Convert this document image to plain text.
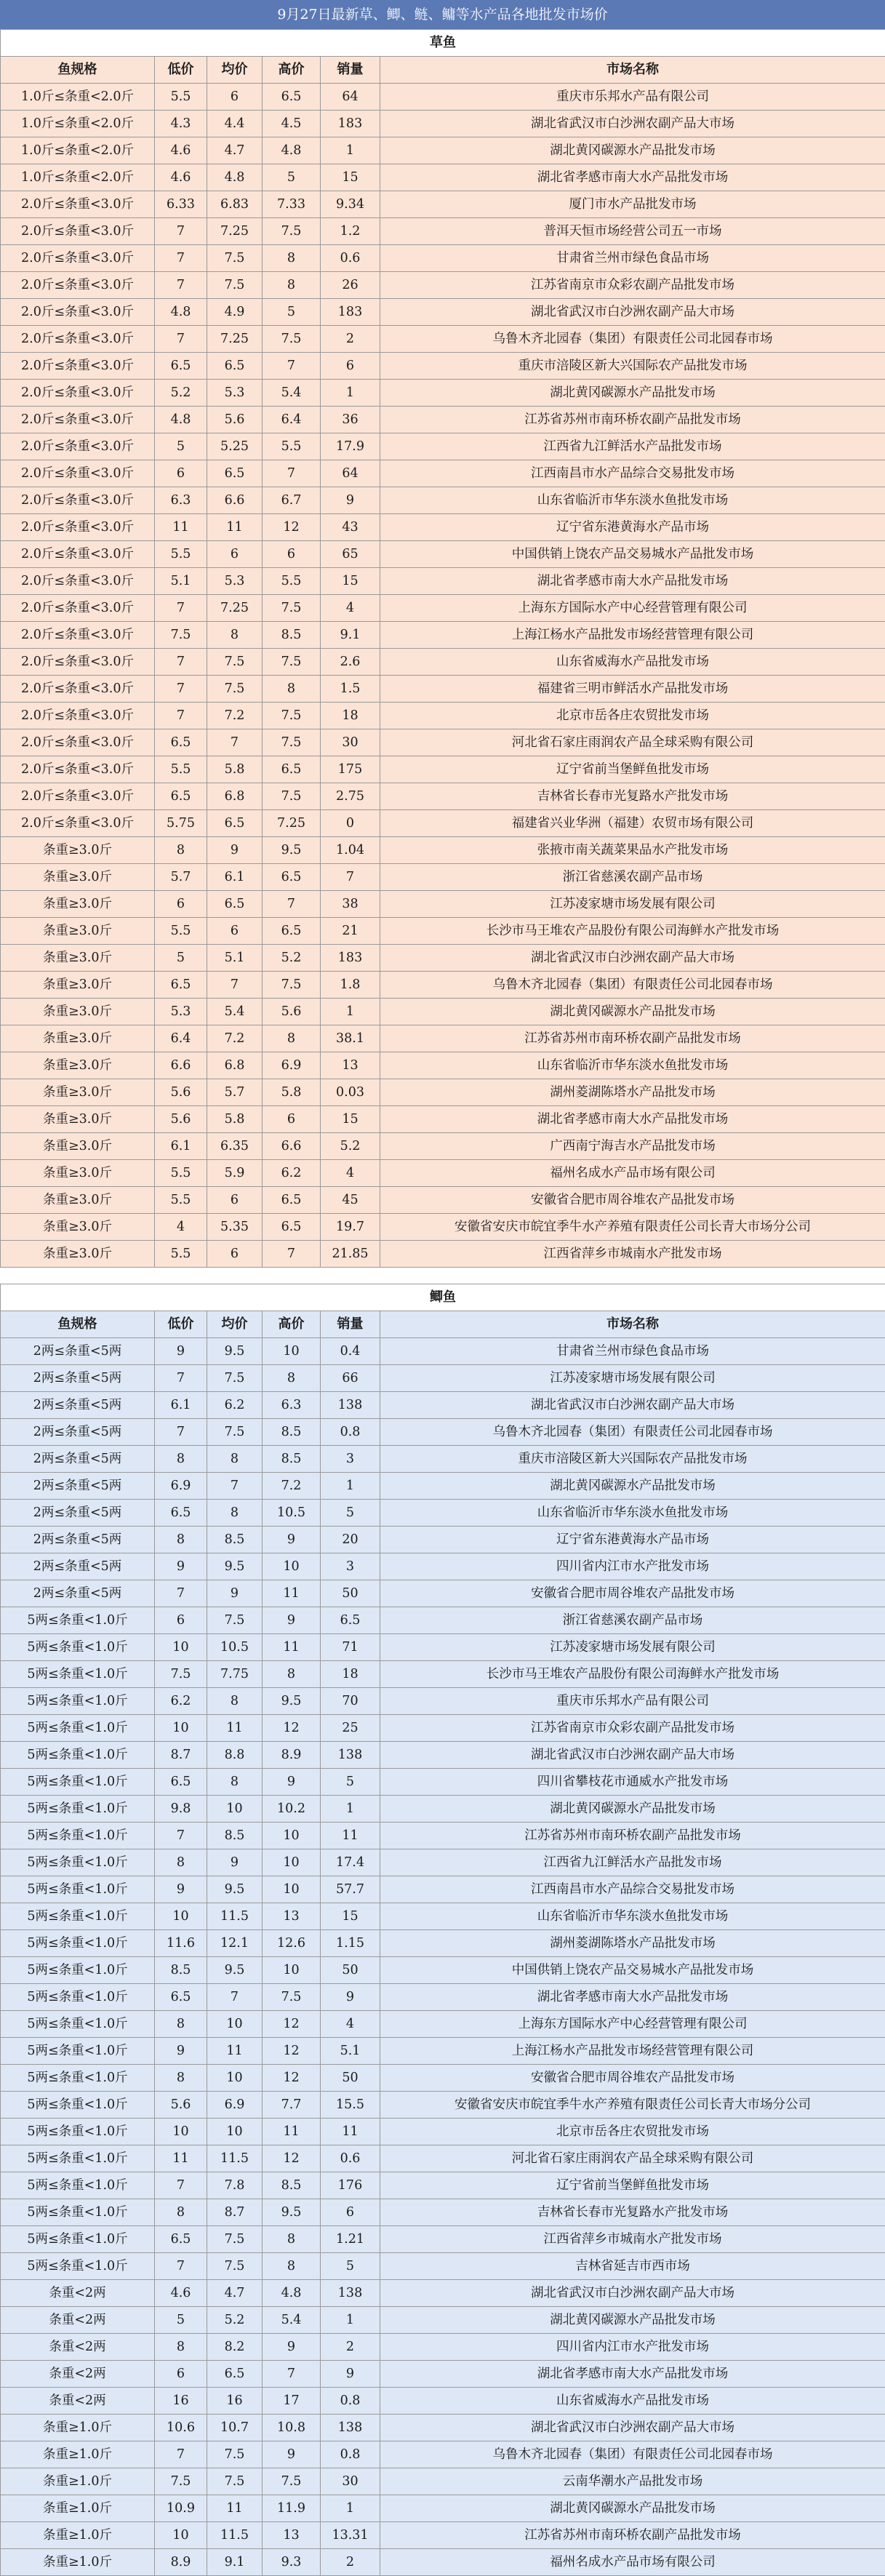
9月27日最新草、鲫、鲢、鳙等水产品各地批发市场价
草鱼					
鱼规格	低价	均价	高价	销量	市场名称
1.0斤≤条重<2.0斤	5.5	6	6.5	64	重庆市乐邦水产品有限公司
1.0斤≤条重<2.0斤	4.3	4.4	4.5	183	湖北省武汉市白沙洲农副产品大市场
1.0斤≤条重<2.0斤	4.6	4.7	4.8	1	湖北黄冈碳源水产品批发市场
1.0斤≤条重<2.0斤	4.6	4.8	5	15	湖北省孝感市南大水产品批发市场
2.0斤≤条重<3.0斤	6.33	6.83	7.33	9.34	厦门市水产品批发市场
2.0斤≤条重<3.0斤	7	7.25	7.5	1.2	普洱天恒市场经营公司五一市场
2.0斤≤条重<3.0斤	7	7.5	8	0.6	甘肃省兰州市绿色食品市场
2.0斤≤条重<3.0斤	7	7.5	8	26	江苏省南京市众彩农副产品批发市场
2.0斤≤条重<3.0斤	4.8	4.9	5	183	湖北省武汉市白沙洲农副产品大市场
2.0斤≤条重<3.0斤	7	7.25	7.5	2	乌鲁木齐北园春（集团）有限责任公司北园春市场
2.0斤≤条重<3.0斤	6.5	6.5	7	6	重庆市涪陵区新大兴国际农产品批发市场
2.0斤≤条重<3.0斤	5.2	5.3	5.4	1	湖北黄冈碳源水产品批发市场
2.0斤≤条重<3.0斤	4.8	5.6	6.4	36	江苏省苏州市南环桥农副产品批发市场
2.0斤≤条重<3.0斤	5	5.25	5.5	17.9	江西省九江鲜活水产品批发市场
2.0斤≤条重<3.0斤	6	6.5	7	64	江西南昌市水产品综合交易批发市场
2.0斤≤条重<3.0斤	6.3	6.6	6.7	9	山东省临沂市华东淡水鱼批发市场
2.0斤≤条重<3.0斤	11	11	12	43	辽宁省东港黄海水产品市场
2.0斤≤条重<3.0斤	5.5	6	6	65	中国供销上饶农产品交易城水产品批发市场
2.0斤≤条重<3.0斤	5.1	5.3	5.5	15	湖北省孝感市南大水产品批发市场
2.0斤≤条重<3.0斤	7	7.25	7.5	4	上海东方国际水产中心经营管理有限公司
2.0斤≤条重<3.0斤	7.5	8	8.5	9.1	上海江杨水产品批发市场经营管理有限公司
2.0斤≤条重<3.0斤	7	7.5	7.5	2.6	山东省威海水产品批发市场
2.0斤≤条重<3.0斤	7	7.5	8	1.5	福建省三明市鲜活水产品批发市场
2.0斤≤条重<3.0斤	7	7.2	7.5	18	北京市岳各庄农贸批发市场
2.0斤≤条重<3.0斤	6.5	7	7.5	30	河北省石家庄雨润农产品全球采购有限公司
2.0斤≤条重<3.0斤	5.5	5.8	6.5	175	辽宁省前当堡鲜鱼批发市场
2.0斤≤条重<3.0斤	6.5	6.8	7.5	2.75	吉林省长春市光复路水产批发市场
2.0斤≤条重<3.0斤	5.75	6.5	7.25	0	福建省兴业华洲（福建）农贸市场有限公司
条重≥3.0斤	8	9	9.5	1.04	张掖市南关蔬菜果品水产批发市场
条重≥3.0斤	5.7	6.1	6.5	7	浙江省慈溪农副产品市场
条重≥3.0斤	6	6.5	7	38	江苏凌家塘市场发展有限公司
条重≥3.0斤	5.5	6	6.5	21	长沙市马王堆农产品股份有限公司海鲜水产批发市场
条重≥3.0斤	5	5.1	5.2	183	湖北省武汉市白沙洲农副产品大市场
条重≥3.0斤	6.5	7	7.5	1.8	乌鲁木齐北园春（集团）有限责任公司北园春市场
条重≥3.0斤	5.3	5.4	5.6	1	湖北黄冈碳源水产品批发市场
条重≥3.0斤	6.4	7.2	8	38.1	江苏省苏州市南环桥农副产品批发市场
条重≥3.0斤	6.6	6.8	6.9	13	山东省临沂市华东淡水鱼批发市场
条重≥3.0斤	5.6	5.7	5.8	0.03	湖州菱湖陈塔水产品批发市场
条重≥3.0斤	5.6	5.8	6	15	湖北省孝感市南大水产品批发市场
条重≥3.0斤	6.1	6.35	6.6	5.2	广西南宁海吉水产品批发市场
条重≥3.0斤	5.5	5.9	6.2	4	福州名成水产品市场有限公司
条重≥3.0斤	5.5	6	6.5	45	安徽省合肥市周谷堆农产品批发市场
条重≥3.0斤	4	5.35	6.5	19.7	安徽省安庆市皖宜季牛水产养殖有限责任公司长青大市场分公司
条重≥3.0斤	5.5	6	7	21.85	江西省萍乡市城南水产批发市场
鲫鱼					
鱼规格	低价	均价	高价	销量	市场名称
2两≤条重<5两	9	9.5	10	0.4	甘肃省兰州市绿色食品市场
2两≤条重<5两	7	7.5	8	66	江苏凌家塘市场发展有限公司
2两≤条重<5两	6.1	6.2	6.3	138	湖北省武汉市白沙洲农副产品大市场
2两≤条重<5两	7	7.5	8.5	0.8	乌鲁木齐北园春（集团）有限责任公司北园春市场
2两≤条重<5两	8	8	8.5	3	重庆市涪陵区新大兴国际农产品批发市场
2两≤条重<5两	6.9	7	7.2	1	湖北黄冈碳源水产品批发市场
2两≤条重<5两	6.5	8	10.5	5	山东省临沂市华东淡水鱼批发市场
2两≤条重<5两	8	8.5	9	20	辽宁省东港黄海水产品市场
2两≤条重<5两	9	9.5	10	3	四川省内江市水产批发市场
2两≤条重<5两	7	9	11	50	安徽省合肥市周谷堆农产品批发市场
5两≤条重<1.0斤	6	7.5	9	6.5	浙江省慈溪农副产品市场
5两≤条重<1.0斤	10	10.5	11	71	江苏凌家塘市场发展有限公司
5两≤条重<1.0斤	7.5	7.75	8	18	长沙市马王堆农产品股份有限公司海鲜水产批发市场
5两≤条重<1.0斤	6.2	8	9.5	70	重庆市乐邦水产品有限公司
5两≤条重<1.0斤	10	11	12	25	江苏省南京市众彩农副产品批发市场
5两≤条重<1.0斤	8.7	8.8	8.9	138	湖北省武汉市白沙洲农副产品大市场
5两≤条重<1.0斤	6.5	8	9	5	四川省攀枝花市通威水产批发市场
5两≤条重<1.0斤	9.8	10	10.2	1	湖北黄冈碳源水产品批发市场
5两≤条重<1.0斤	7	8.5	10	11	江苏省苏州市南环桥农副产品批发市场
5两≤条重<1.0斤	8	9	10	17.4	江西省九江鲜活水产品批发市场
5两≤条重<1.0斤	9	9.5	10	57.7	江西南昌市水产品综合交易批发市场
5两≤条重<1.0斤	10	11.5	13	15	山东省临沂市华东淡水鱼批发市场
5两≤条重<1.0斤	11.6	12.1	12.6	1.15	湖州菱湖陈塔水产品批发市场
5两≤条重<1.0斤	8.5	9.5	10	50	中国供销上饶农产品交易城水产品批发市场
5两≤条重<1.0斤	6.5	7	7.5	9	湖北省孝感市南大水产品批发市场
5两≤条重<1.0斤	8	10	12	4	上海东方国际水产中心经营管理有限公司
5两≤条重<1.0斤	9	11	12	5.1	上海江杨水产品批发市场经营管理有限公司
5两≤条重<1.0斤	8	10	12	50	安徽省合肥市周谷堆农产品批发市场
5两≤条重<1.0斤	5.6	6.9	7.7	15.5	安徽省安庆市皖宜季牛水产养殖有限责任公司长青大市场分公司
5两≤条重<1.0斤	10	10	11	11	北京市岳各庄农贸批发市场
5两≤条重<1.0斤	11	11.5	12	0.6	河北省石家庄雨润农产品全球采购有限公司
5两≤条重<1.0斤	7	7.8	8.5	176	辽宁省前当堡鲜鱼批发市场
5两≤条重<1.0斤	8	8.7	9.5	6	吉林省长春市光复路水产批发市场
5两≤条重<1.0斤	6.5	7.5	8	1.21	江西省萍乡市城南水产批发市场
5两≤条重<1.0斤	7	7.5	8	5	吉林省延吉市西市场
条重<2两	4.6	4.7	4.8	138	湖北省武汉市白沙洲农副产品大市场
条重<2两	5	5.2	5.4	1	湖北黄冈碳源水产品批发市场
条重<2两	8	8.2	9	2	四川省内江市水产批发市场
条重<2两	6	6.5	7	9	湖北省孝感市南大水产品批发市场
条重<2两	16	16	17	0.8	山东省威海水产品批发市场
条重≥1.0斤	10.6	10.7	10.8	138	湖北省武汉市白沙洲农副产品大市场
条重≥1.0斤	7	7.5	9	0.8	乌鲁木齐北园春（集团）有限责任公司北园春市场
条重≥1.0斤	7.5	7.5	7.5	30	云南华潮水产品批发市场
条重≥1.0斤	10.9	11	11.9	1	湖北黄冈碳源水产品批发市场
条重≥1.0斤	10	11.5	13	13.31	江苏省苏州市南环桥农副产品批发市场
条重≥1.0斤	8.9	9.1	9.3	2	福州名成水产品市场有限公司
